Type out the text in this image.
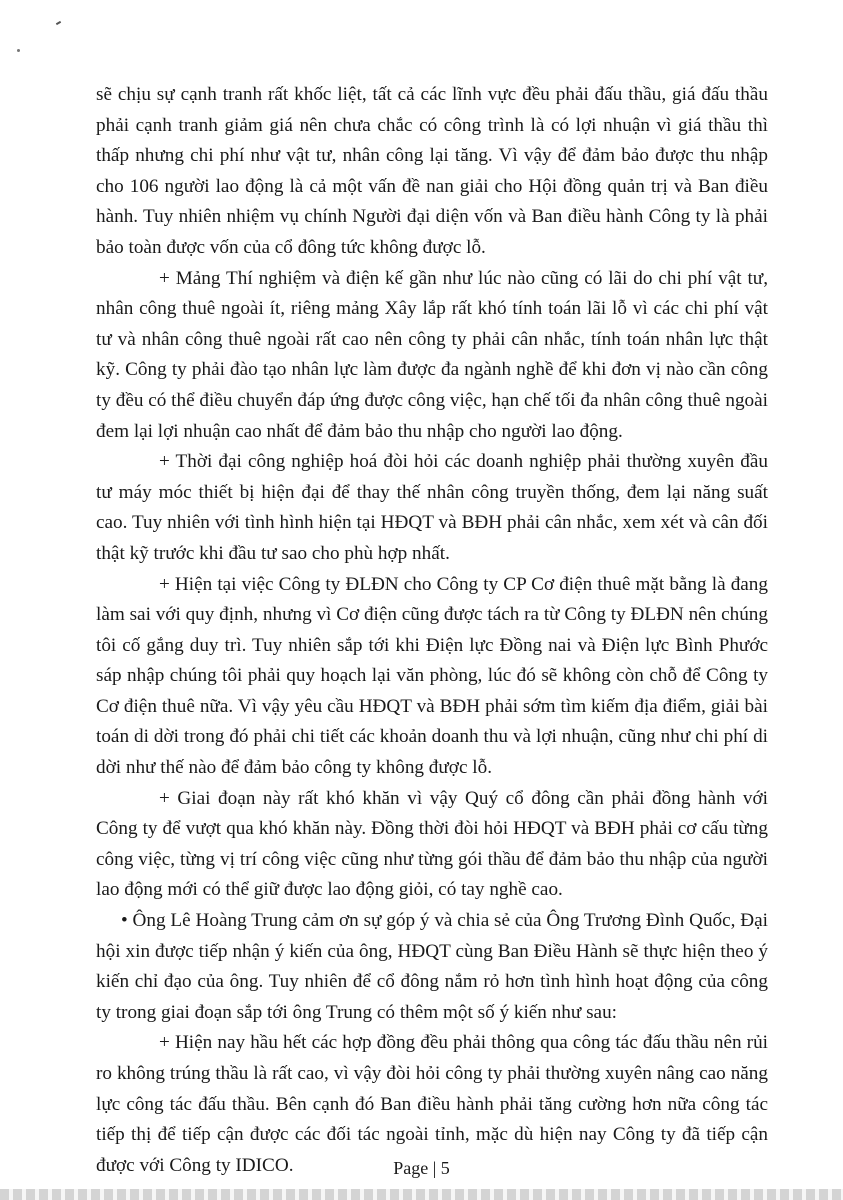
sẽ chịu sự cạnh tranh rất khốc liệt, tất cả các lĩnh vực đều phải đấu thầu, giá đấu thầu phải cạnh tranh giảm giá nên chưa chắc có công trình là có lợi nhuận vì giá thầu thì thấp nhưng chi phí như vật tư, nhân công lại tăng. Vì vậy để đảm bảo được thu nhập cho 106 người lao động là cả một vấn đề nan giải cho Hội đồng quản trị và Ban điều hành. Tuy nhiên nhiệm vụ chính Người đại diện vốn và Ban điều hành Công ty là phải bảo toàn được vốn của cổ đông tức không được lỗ.

+ Mảng Thí nghiệm và điện kế gần như lúc nào cũng có lãi do chi phí vật tư, nhân công thuê ngoài ít, riêng mảng Xây lắp rất khó tính toán lãi lỗ vì các chi phí vật tư và nhân công thuê ngoài rất cao nên công ty phải cân nhắc, tính toán nhân lực thật kỹ. Công ty phải đào tạo nhân lực làm được đa ngành nghề để khi đơn vị nào cần công ty đều có thể điều chuyển đáp ứng được công việc, hạn chế tối đa nhân công thuê ngoài đem lại lợi nhuận cao nhất để đảm bảo thu nhập cho người lao động.

+ Thời đại công nghiệp hoá đòi hỏi các doanh nghiệp phải thường xuyên đầu tư máy móc thiết bị hiện đại để thay thế nhân công truyền thống, đem lại năng suất cao. Tuy nhiên với tình hình hiện tại HĐQT và BĐH phải cân nhắc, xem xét và cân đối thật kỹ trước khi đầu tư sao cho phù hợp nhất.

+ Hiện tại việc Công ty ĐLĐN cho Công ty CP Cơ điện thuê mặt bằng là đang làm sai với quy định, nhưng vì Cơ điện cũng được tách ra từ Công ty ĐLĐN nên chúng tôi cố gắng duy trì. Tuy nhiên sắp tới khi Điện lực Đồng nai và Điện lực Bình Phước sáp nhập chúng tôi phải quy hoạch lại văn phòng, lúc đó sẽ không còn chỗ để Công ty Cơ điện thuê nữa. Vì vậy yêu cầu HĐQT và BĐH phải sớm tìm kiếm địa điểm, giải bài toán di dời trong đó phải chi tiết các khoản doanh thu và lợi nhuận, cũng như chi phí di dời như thế nào để đảm bảo công ty không được lỗ.

+ Giai đoạn này rất khó khăn vì vậy Quý cổ đông cần phải đồng hành với Công ty để vượt qua khó khăn này. Đồng thời đòi hỏi HĐQT và BĐH phải cơ cấu từng công việc, từng vị trí công việc cũng như từng gói thầu để đảm bảo thu nhập của người lao động mới có thể giữ được lao động giỏi, có tay nghề cao.

• Ông Lê Hoàng Trung cảm ơn sự góp ý và chia sẻ của Ông Trương Đình Quốc, Đại hội xin được tiếp nhận ý kiến của ông, HĐQT cùng Ban Điều Hành sẽ thực hiện theo ý kiến chỉ đạo của ông. Tuy nhiên để cổ đông nắm rỏ hơn tình hình hoạt động của công ty trong giai đoạn sắp tới ông Trung có thêm một số ý kiến như sau:

+ Hiện nay hầu hết các hợp đồng đều phải thông qua công tác đấu thầu nên rủi ro không trúng thầu là rất cao, vì vậy đòi hỏi công ty phải thường xuyên nâng cao năng lực công tác đấu thầu. Bên cạnh đó Ban điều hành phải tăng cường hơn nữa công tác tiếp thị để tiếp cận được các đối tác ngoài tỉnh, mặc dù hiện nay Công ty đã tiếp cận được với Công ty IDICO.	Page | 5
